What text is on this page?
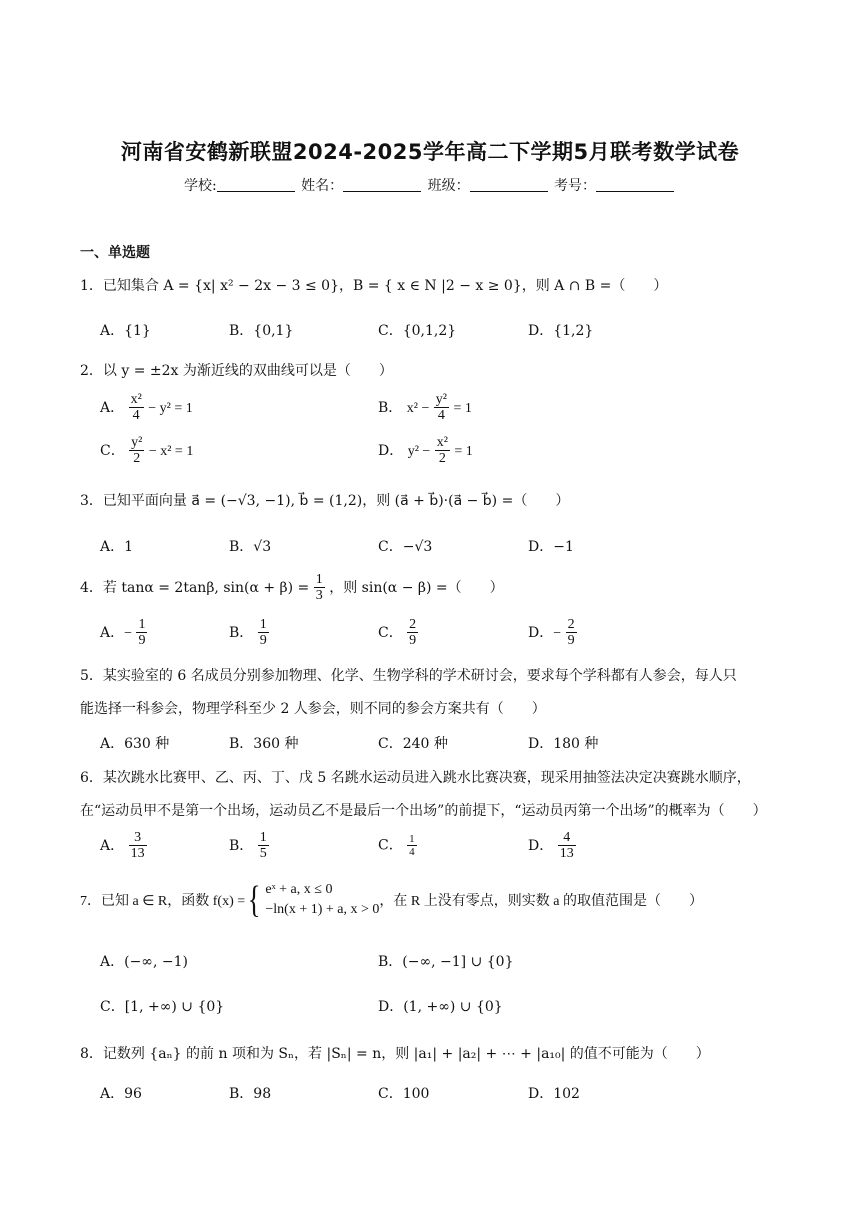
河南省安鹤新联盟2024-2025学年高二下学期5月联考数学试卷
学校:	姓名：	班级：	考号：
一、单选题
1．已知集合 A = {x| x² − 2x − 3 ≤ 0}，B = { x ∈ N |2 − x ≥ 0}，则 A ∩ B =（　　）
A．{1}	B．{0,1}	C．{0,1,2}	D．{1,2}
2．以 y = ±2x 为渐近线的双曲线可以是（　　）
A． $\frac{\text{x²}}{4} - y^2 = 1$	B． $x^2 - \frac{\text{y²}}{4} = 1$
C． $\frac{\text{y²}}{2} - x^2 = 1$	D． $y^2 - \frac{\text{x²}}{2} = 1$
3．已知平面向量 a⃗ = (−√3, −1), b⃗ = (1,2)，则 (a⃗ + b⃗)·(a⃗ − b⃗) =（　　）
A．1	B．√3	C．−√3	D．−1
4．若 tanα = 2tanβ, $\sin(\alpha + \beta) = \frac{1}{3}$ ，则 sin(α − β) =（　　）
A．− $\frac{1}{9}$	B． $\frac{1}{9}$	C． $\frac{2}{9}$	D．− $\frac{2}{9}$
5．某实验室的 6 名成员分别参加物理、化学、生物学科的学术研讨会，要求每个学科都有人参会，每人只
能选择一科参会，物理学科至少 2 人参会，则不同的参会方案共有（　　）
A．630 种	B．360 种	C．240 种	D．180 种
6．某次跳水比赛甲、乙、丙、丁、戊 5 名跳水运动员进入跳水比赛决赛，现采用抽签法决定决赛跳水顺序，
在“运动员甲不是第一个出场，运动员乙不是最后一个出场”的前提下，“运动员丙第一个出场”的概率为（　　）
A． $\frac{3}{13}$	B． $\frac{1}{5}$	C． $\frac{1}{4}$	D． $\frac{4}{13}$
7．已知 a ∈ R，函数 f(x) = { eˣ + a, x ≤ 0
−ln(x + 1) + a, x > 0
，在 R 上没有零点，则实数 a 的取值范围是（　　）
A．(−∞, −1)	B．(−∞, −1] ∪ {0}
C．[1, +∞) ∪ {0}	D．(1, +∞) ∪ {0}
8．记数列 {aₙ} 的前 n 项和为 Sₙ，若 |Sₙ| = n，则 |a₁| + |a₂| + ⋯ + |a₁₀| 的值不可能为（　　）
A．96	B．98	C．100	D．102
